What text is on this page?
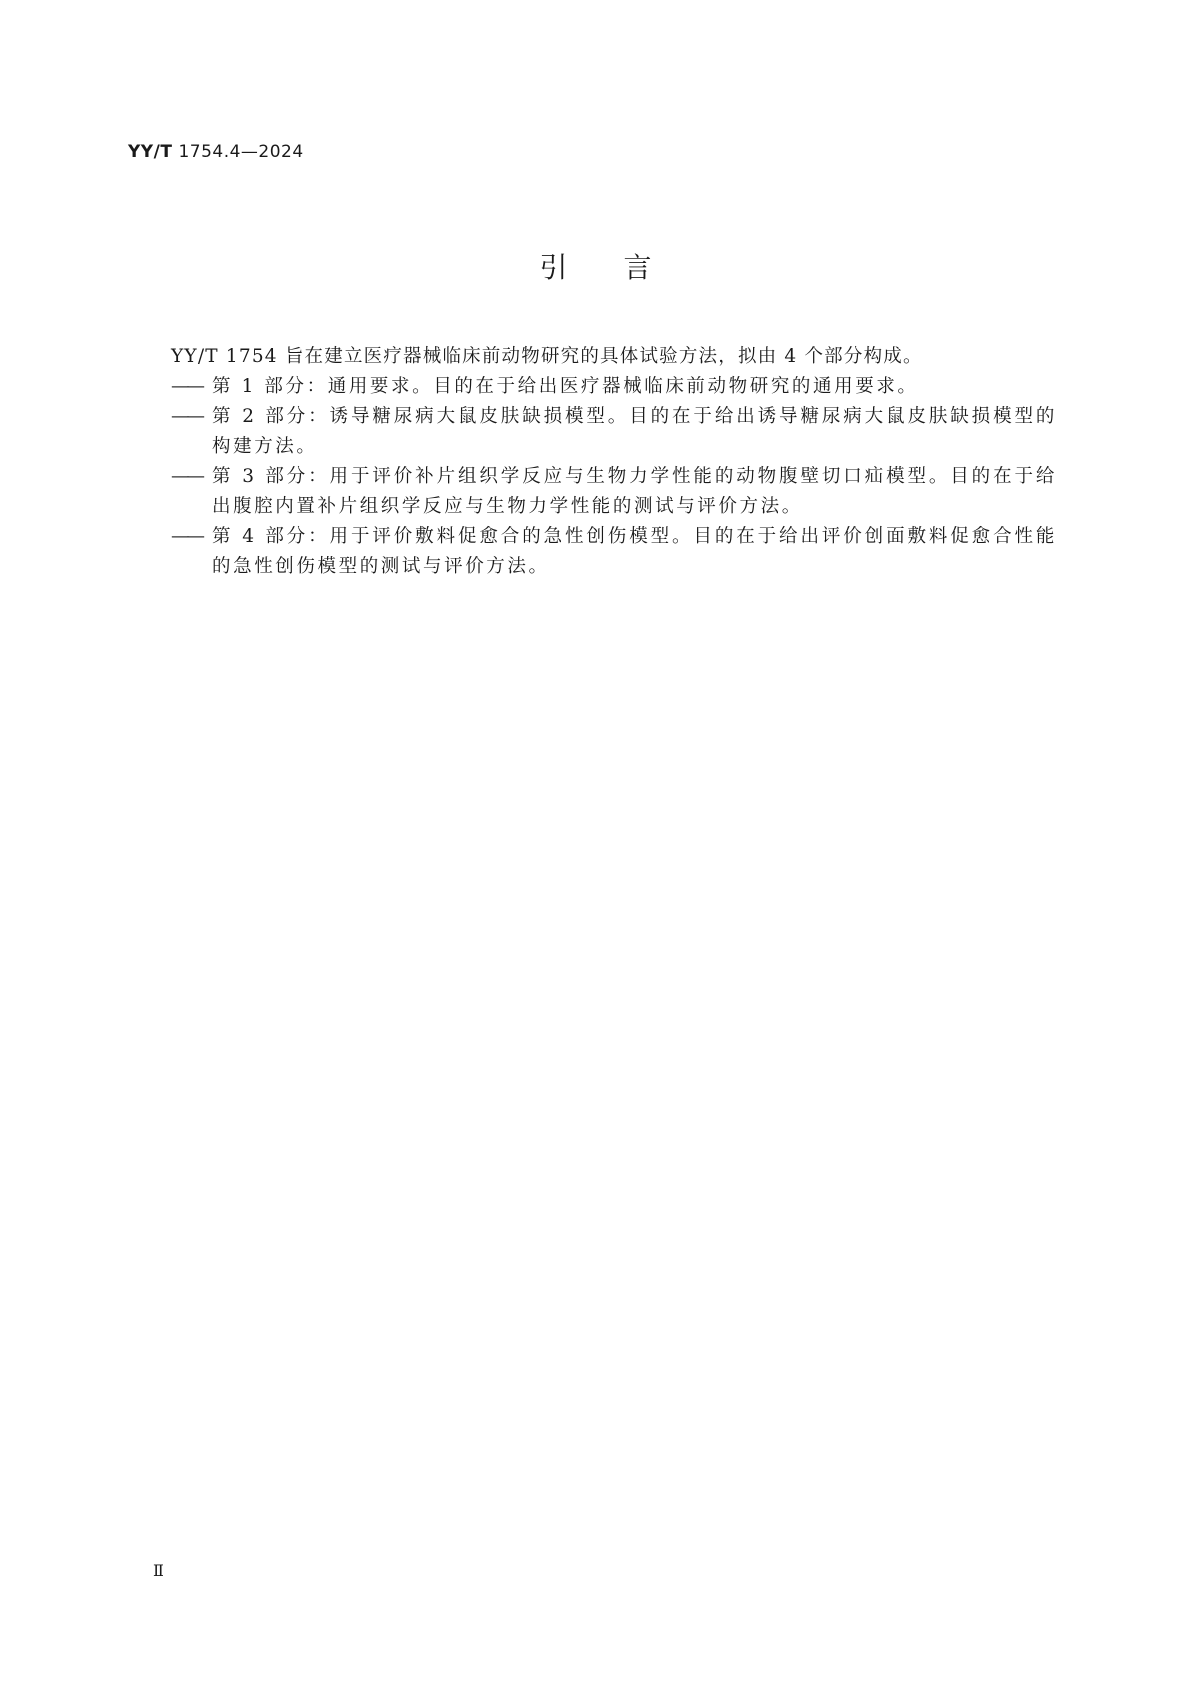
YY/T 1754.4—2024
引言

YY/T 1754 旨在建立医疗器械临床前动物研究的具体试验方法，拟由 4 个部分构成。

—— 第 1 部分：通用要求。目的在于给出医疗器械临床前动物研究的通用要求。

—— 第 2 部分：诱导糖尿病大鼠皮肤缺损模型。目的在于给出诱导糖尿病大鼠皮肤缺损模型的构建方法。

—— 第 3 部分：用于评价补片组织学反应与生物力学性能的动物腹壁切口疝模型。目的在于给出腹腔内置补片组织学反应与生物力学性能的测试与评价方法。

—— 第 4 部分：用于评价敷料促愈合的急性创伤模型。目的在于给出评价创面敷料促愈合性能的急性创伤模型的测试与评价方法。

Ⅱ
